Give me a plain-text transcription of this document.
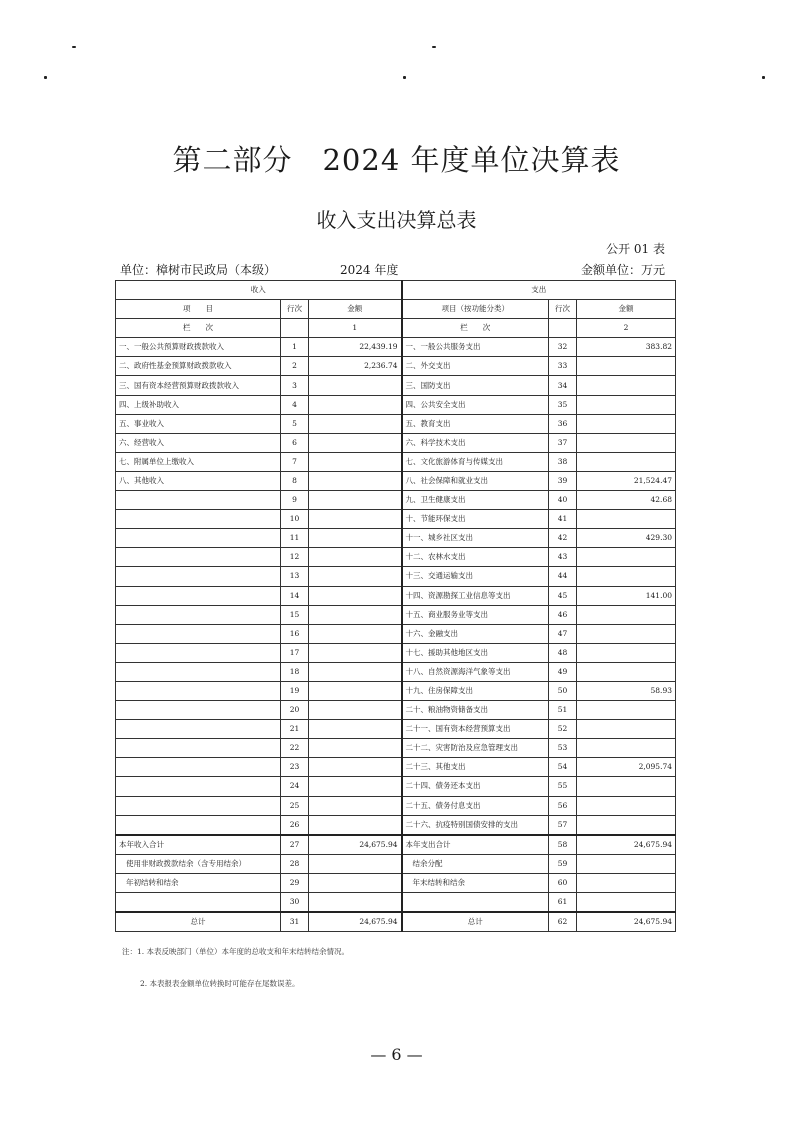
第二部分　2024 年度单位决算表
收入支出决算总表
公开 01 表
单位：樟树市民政局（本级）	2024 年度	金额单位：万元
收入			支出		
项　　目	行次	金额	项目（按功能分类）	行次	金额
栏　　次		1	栏　　次		2
一、一般公共预算财政拨款收入	1	22,439.19	一、一般公共服务支出	32	383.82
二、政府性基金预算财政拨款收入	2	2,236.74	二、外交支出	33	
三、国有资本经营预算财政拨款收入	3		三、国防支出	34	
四、上级补助收入	4		四、公共安全支出	35	
五、事业收入	5		五、教育支出	36	
六、经营收入	6		六、科学技术支出	37	
七、附属单位上缴收入	7		七、文化旅游体育与传媒支出	38	
八、其他收入	8		八、社会保障和就业支出	39	21,524.47
	9		九、卫生健康支出	40	42.68
	10		十、节能环保支出	41	
	11		十一、城乡社区支出	42	429.30
	12		十二、农林水支出	43	
	13		十三、交通运输支出	44	
	14		十四、资源勘探工业信息等支出	45	141.00
	15		十五、商业服务业等支出	46	
	16		十六、金融支出	47	
	17		十七、援助其他地区支出	48	
	18		十八、自然资源海洋气象等支出	49	
	19		十九、住房保障支出	50	58.93
	20		二十、粮油物资储备支出	51	
	21		二十一、国有资本经营预算支出	52	
	22		二十二、灾害防治及应急管理支出	53	
	23		二十三、其他支出	54	2,095.74
	24		二十四、债务还本支出	55	
	25		二十五、债务付息支出	56	
	26		二十六、抗疫特别国债安排的支出	57	
本年收入合计	27	24,675.94	本年支出合计	58	24,675.94
使用非财政拨款结余（含专用结余）	28		结余分配	59	
年初结转和结余	29		年末结转和结余	60	
	30			61	
总计	31	24,675.94	总计	62	24,675.94
注：1. 本表反映部门（单位）本年度的总收支和年末结转结余情况。
2. 本表报表金额单位转换时可能存在尾数误差。
— 6 —
